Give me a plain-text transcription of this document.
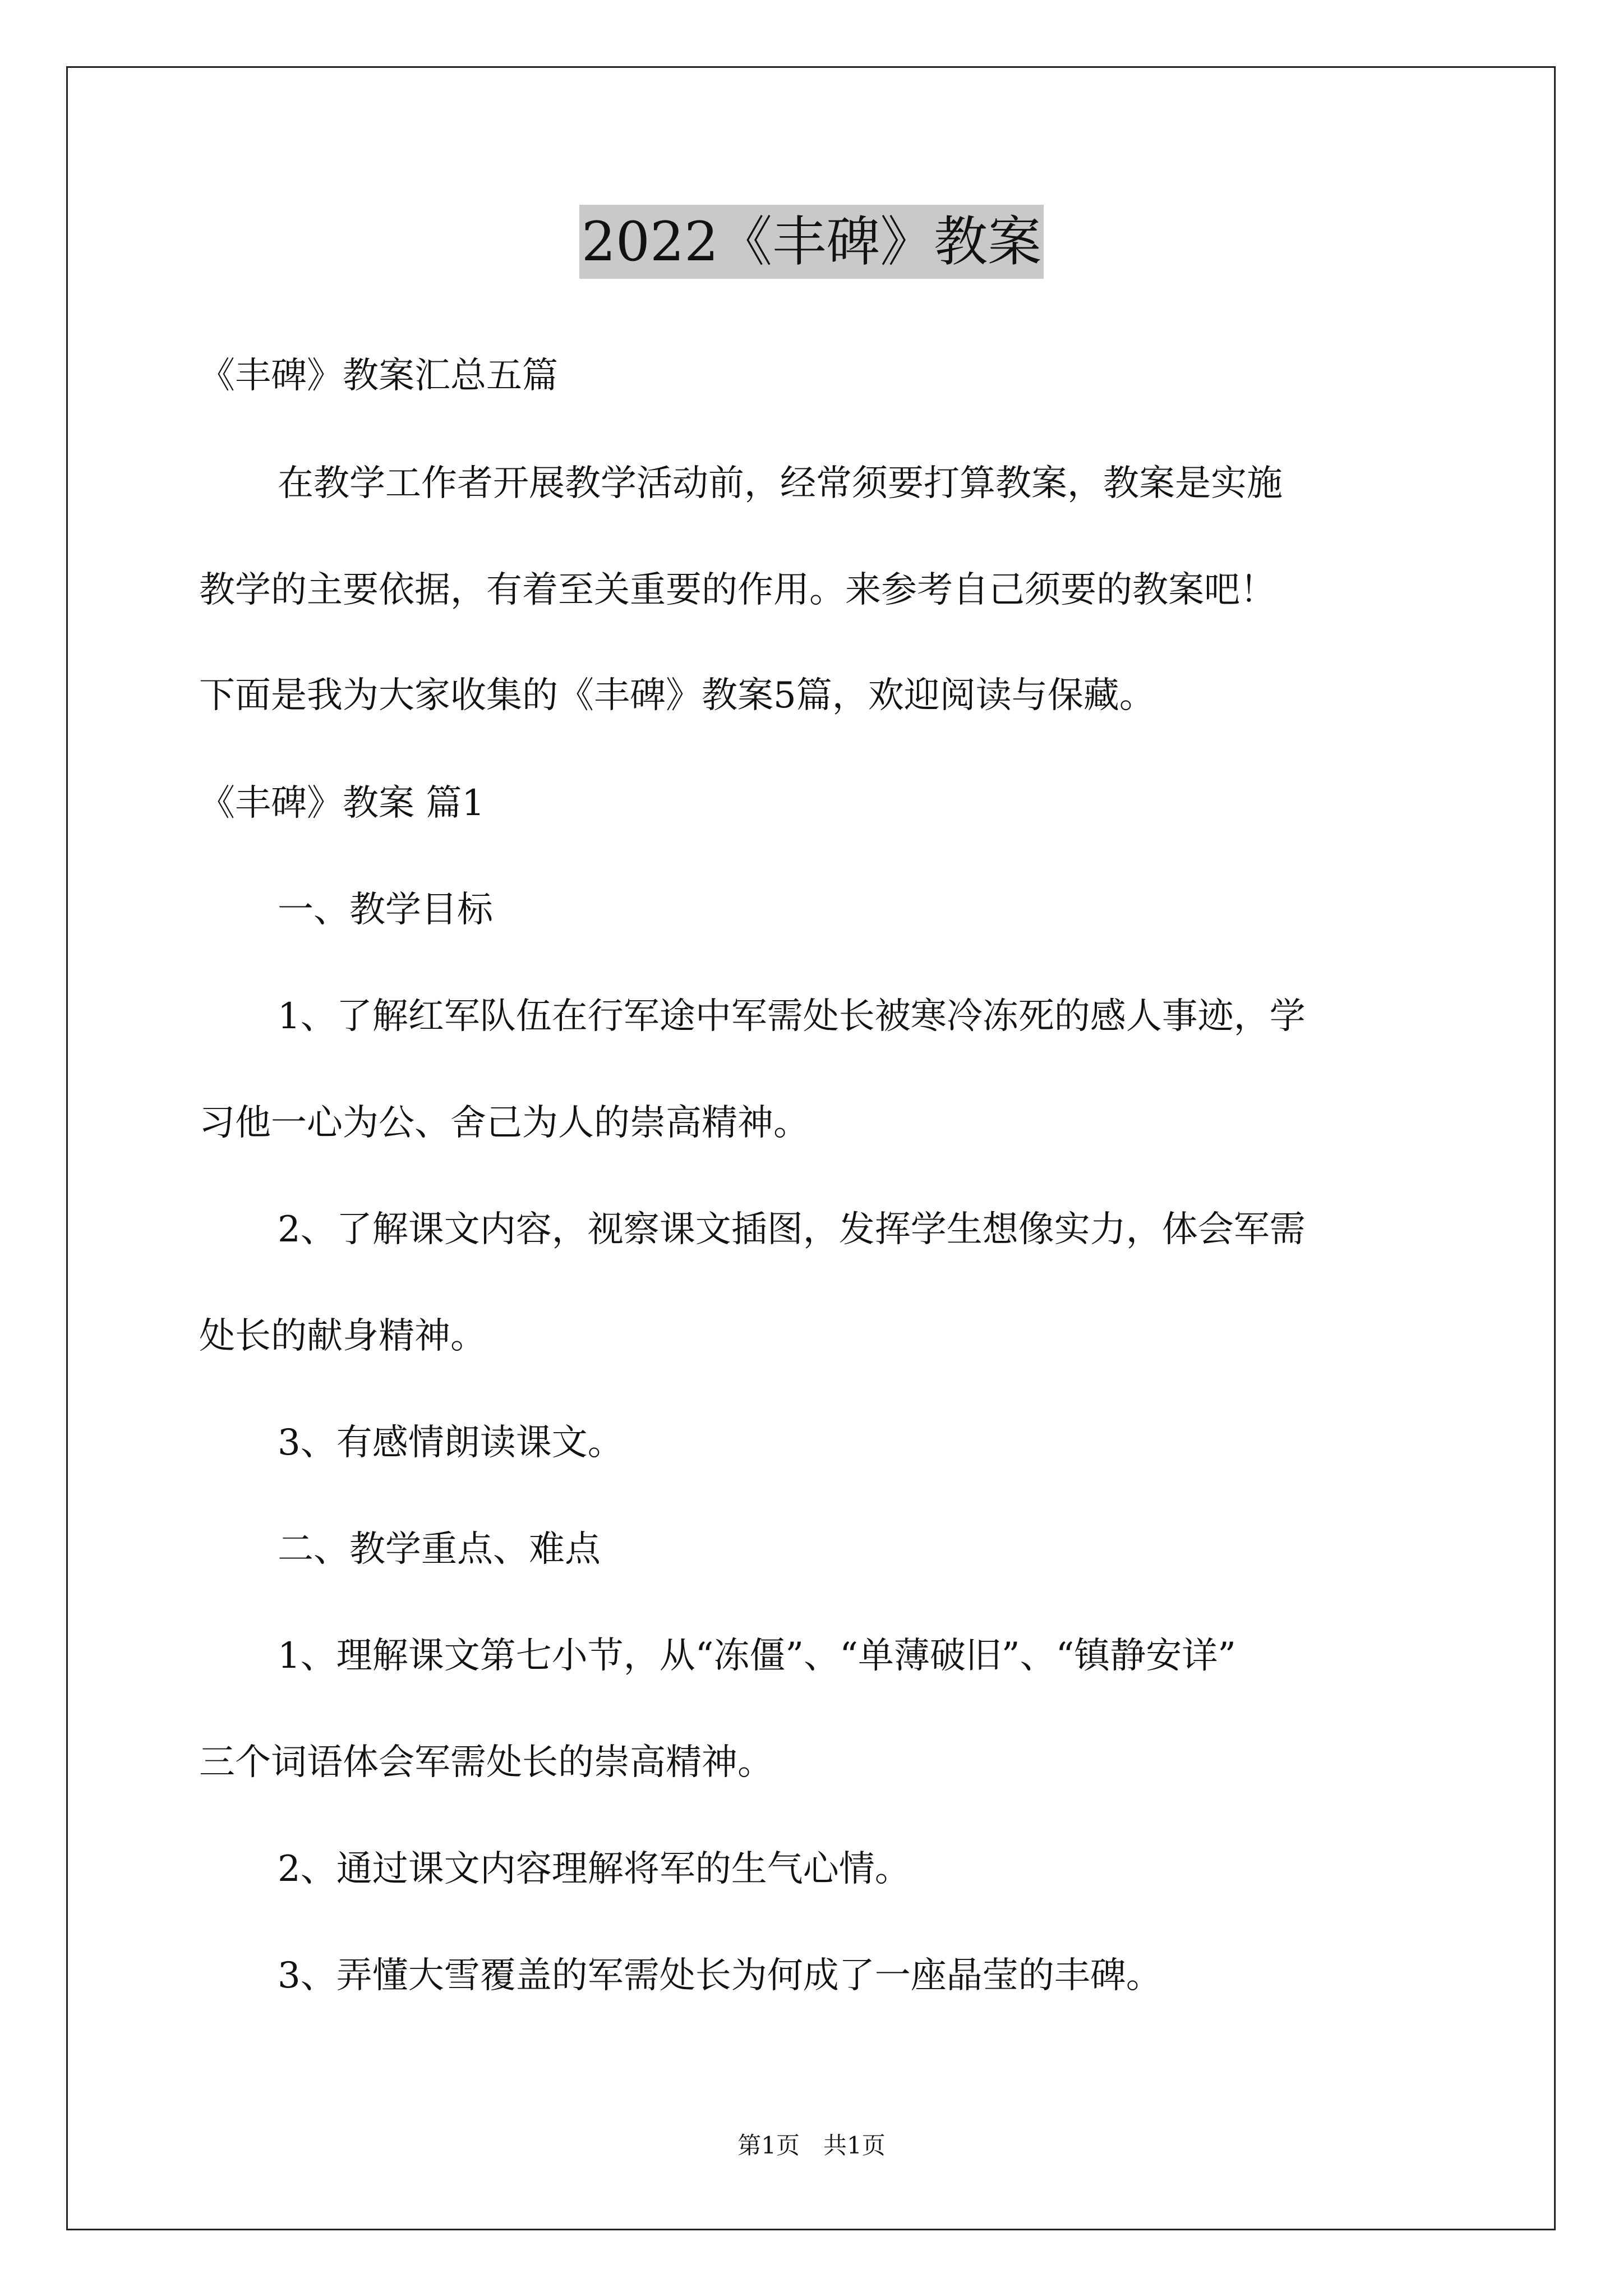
2022《丰碑》教案
《丰碑》教案汇总五篇
在教学工作者开展教学活动前，经常须要打算教案，教案是实施
教学的主要依据，有着至关重要的作用。来参考自己须要的教案吧！
下面是我为大家收集的《丰碑》教案5篇，欢迎阅读与保藏。
《丰碑》教案 篇1
一、教学目标
1、了解红军队伍在行军途中军需处长被寒冷冻死的感人事迹，学
习他一心为公、舍己为人的崇高精神。
2、了解课文内容，视察课文插图，发挥学生想像实力，体会军需
处长的献身精神。
3、有感情朗读课文。
二、教学重点、难点
1、理解课文第七小节，从“冻僵”、“单薄破旧”、“镇静安详”
三个词语体会军需处长的崇高精神。
2、通过课文内容理解将军的生气心情。
3、弄懂大雪覆盖的军需处长为何成了一座晶莹的丰碑。
第1页　共1页
